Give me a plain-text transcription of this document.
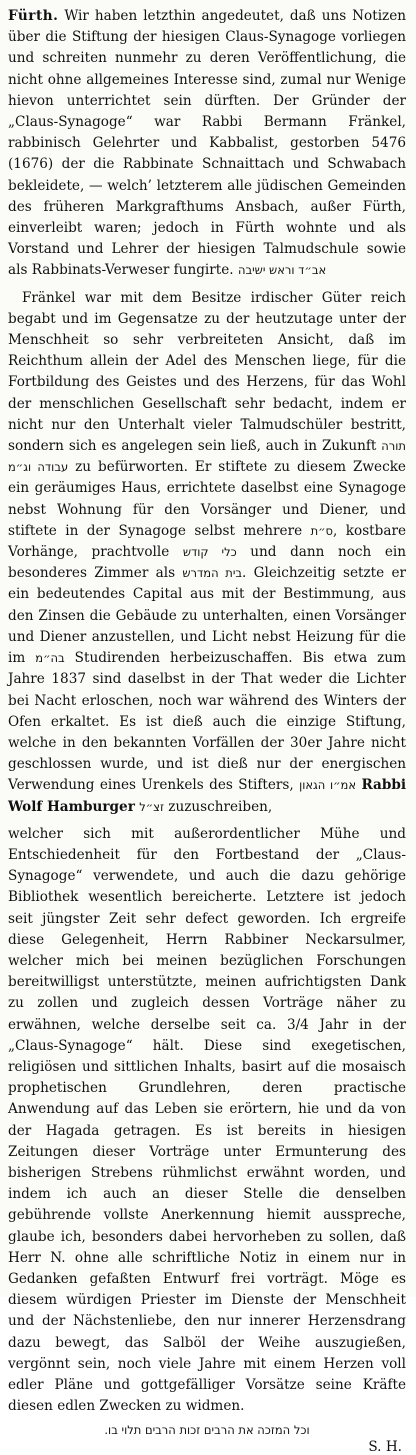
Fürth. Wir haben letzthin angedeutet, daß uns Notizen über die Stiftung der hiesigen Claus-Synagoge vorliegen und schreiten nunmehr zu deren Veröffentlichung, die nicht ohne allgemeines Interesse sind, zumal nur Wenige hievon unterrichtet sein dürften. Der Gründer der „Claus-Synagoge“ war Rabbi Bermann Fränkel, rabbinisch Gelehrter und Kabbalist, gestorben 5476 (1676) der die Rabbinate Schnaittach und Schwabach bekleidete, — welch’ letzterem alle jüdischen Gemeinden des früheren Markgrafthums Ansbach, außer Fürth, einverleibt waren; jedoch in Fürth wohnte und als Vorstand und Lehrer der hiesigen Talmudschule sowie als Rabbinats-Verweser fungirte. אב״ד וראש ישיבה

Fränkel war mit dem Besitze irdischer Güter reich begabt und im Gegensatze zu der heutzutage unter der Menschheit so sehr verbreiteten Ansicht, daß im Reichthum allein der Adel des Menschen liege, für die Fortbildung des Geistes und des Herzens, für das Wohl der menschlichen Gesellschaft sehr bedacht, indem er nicht nur den Unterhalt vieler Talmudschüler bestritt, sondern sich es angelegen sein ließ, auch in Zukunft תורה עבודה וג״מ zu befürworten. Er stiftete zu diesem Zwecke ein geräumiges Haus, errichtete daselbst eine Synagoge nebst Wohnung für den Vorsänger und Diener, und stiftete in der Synagoge selbst mehrere ס״ת, kostbare Vorhänge, prachtvolle כלי קודש und dann noch ein besonderes Zimmer als בית המדרש. Gleichzeitig setzte er ein bedeutendes Capital aus mit der Bestimmung, aus den Zinsen die Gebäude zu unterhalten, einen Vorsänger und Diener anzustellen, und Licht nebst Heizung für die im בה״מ Studirenden herbeizuschaffen. Bis etwa zum Jahre 1837 sind daselbst in der That weder die Lichter bei Nacht erloschen, noch war während des Winters der Ofen erkaltet. Es ist dieß auch die einzige Stiftung, welche in den bekannten Vorfällen der 30er Jahre nicht geschlossen wurde, und ist dieß nur der energischen Verwendung eines Urenkels des Stifters, אמ״ו הגאון Rabbi Wolf Hamburger זצ״ל zuzuschreiben,

welcher sich mit außerordentlicher Mühe und Entschiedenheit für den Fortbestand der „Claus-Synagoge“ verwendete, und auch die dazu gehörige Bibliothek wesentlich bereicherte. Letztere ist jedoch seit jüngster Zeit sehr defect geworden. Ich ergreife diese Gelegenheit, Herrn Rabbiner Neckarsulmer, welcher mich bei meinen bezüglichen Forschungen bereitwilligst unterstützte, meinen aufrichtigsten Dank zu zollen und zugleich dessen Vorträge näher zu erwähnen, welche derselbe seit ca. 3/4 Jahr in der „Claus-Synagoge“ hält. Diese sind exegetischen, religiösen und sittlichen Inhalts, basirt auf die mosaisch prophetischen Grundlehren, deren practische Anwendung auf das Leben sie erörtern, hie und da von der Hagada getragen. Es ist bereits in hiesigen Zeitungen dieser Vorträge unter Ermunterung des bisherigen Strebens rühmlichst erwähnt worden, und indem ich auch an dieser Stelle die denselben gebührende vollste Anerkennung hiemit ausspreche, glaube ich, besonders dabei hervorheben zu sollen, daß Herr N. ohne alle schriftliche Notiz in einem nur in Gedanken gefaßten Entwurf frei vorträgt. Möge es diesem würdigen Priester im Dienste der Menschheit und der Nächstenliebe, den nur innerer Herzensdrang dazu bewegt, das Salböl der Weihe auszugießen, vergönnt sein, noch viele Jahre mit einem Herzen voll edler Pläne und gottgefälliger Vorsätze seine Kräfte diesen edlen Zwecken zu widmen.

וכל המזכה את הרבים זכות הרבים תלוי בו.

S. H.
